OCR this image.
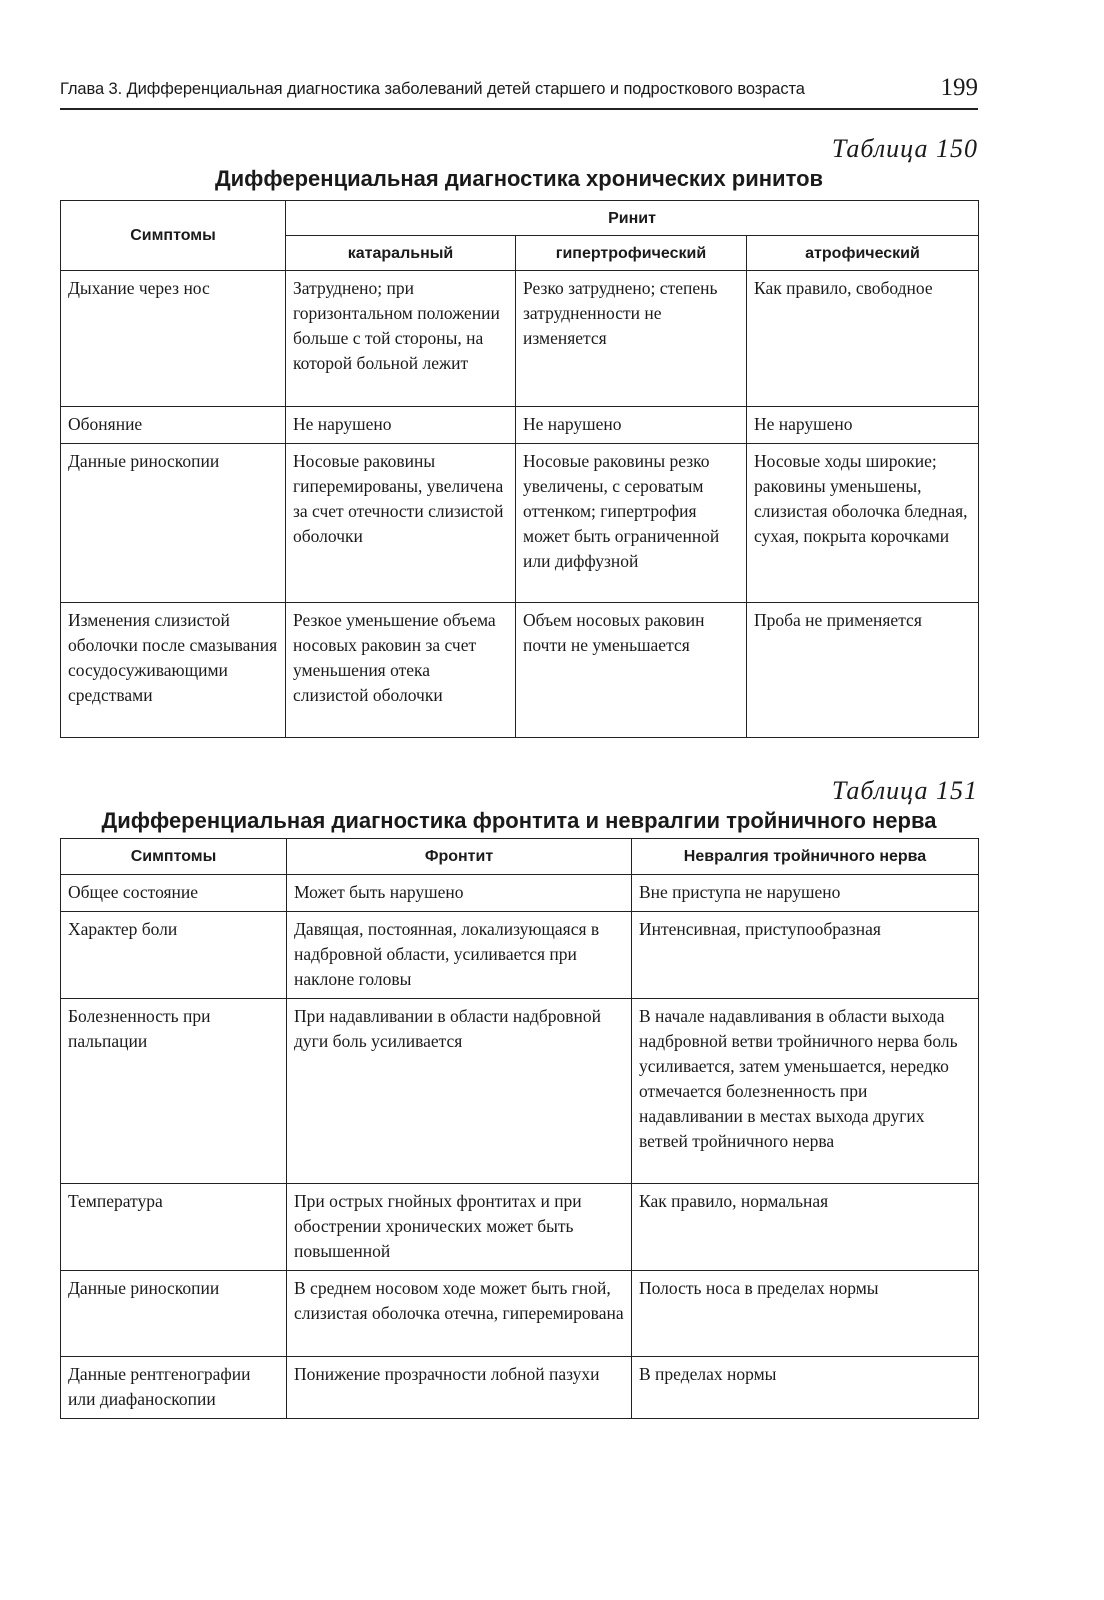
Глава 3. Дифференциальная диагностика заболеваний детей старшего и подросткового возраста	199
Таблица 150
Дифференциальная диагностика хронических ринитов
Симптомы	Ринит		
	катаральный	гипертрофический	атрофический
Дыхание через нос	Затруднено; при горизонтальном положении больше с той стороны, на которой больной лежит	Резко затруднено; степень затрудненности не изменяется	Как правило, свободное
Обоняние	Не нарушено	Не нарушено	Не нарушено
Данные риноскопии	Носовые раковины гиперемированы, увеличена за счет отечности слизистой оболочки	Носовые раковины резко увеличены, с сероватым оттенком; гипертрофия может быть ограниченной или диффузной	Носовые ходы широкие; раковины уменьшены, слизистая оболочка бледная, сухая, покрыта корочками
Изменения слизистой оболочки после смазывания сосудосуживающими средствами	Резкое уменьшение объема носовых раковин за счет уменьшения отека слизистой оболочки	Объем носовых раковин почти не уменьшается	Проба не применяется
Таблица 151
Дифференциальная диагностика фронтита и невралгии тройничного нерва
Симптомы	Фронтит	Невралгия тройничного нерва
Общее состояние	Может быть нарушено	Вне приступа не нарушено
Характер боли	Давящая, постоянная, локализующаяся в надбровной области, усиливается при наклоне головы	Интенсивная, приступообразная
Болезненность при пальпации	При надавливании в области надбровной дуги боль усиливается	В начале надавливания в области выхода надбровной ветви тройничного нерва боль усиливается, затем уменьшается, нередко отмечается болезненность при надавливании в местах выхода других ветвей тройничного нерва
Температура	При острых гнойных фронтитах и при обострении хронических может быть повышенной	Как правило, нормальная
Данные риноскопии	В среднем носовом ходе может быть гной, слизистая оболочка отечна, гиперемирована	Полость носа в пределах нормы
Данные рентгенографии или диафаноскопии	Понижение прозрачности лобной пазухи	В пределах нормы
